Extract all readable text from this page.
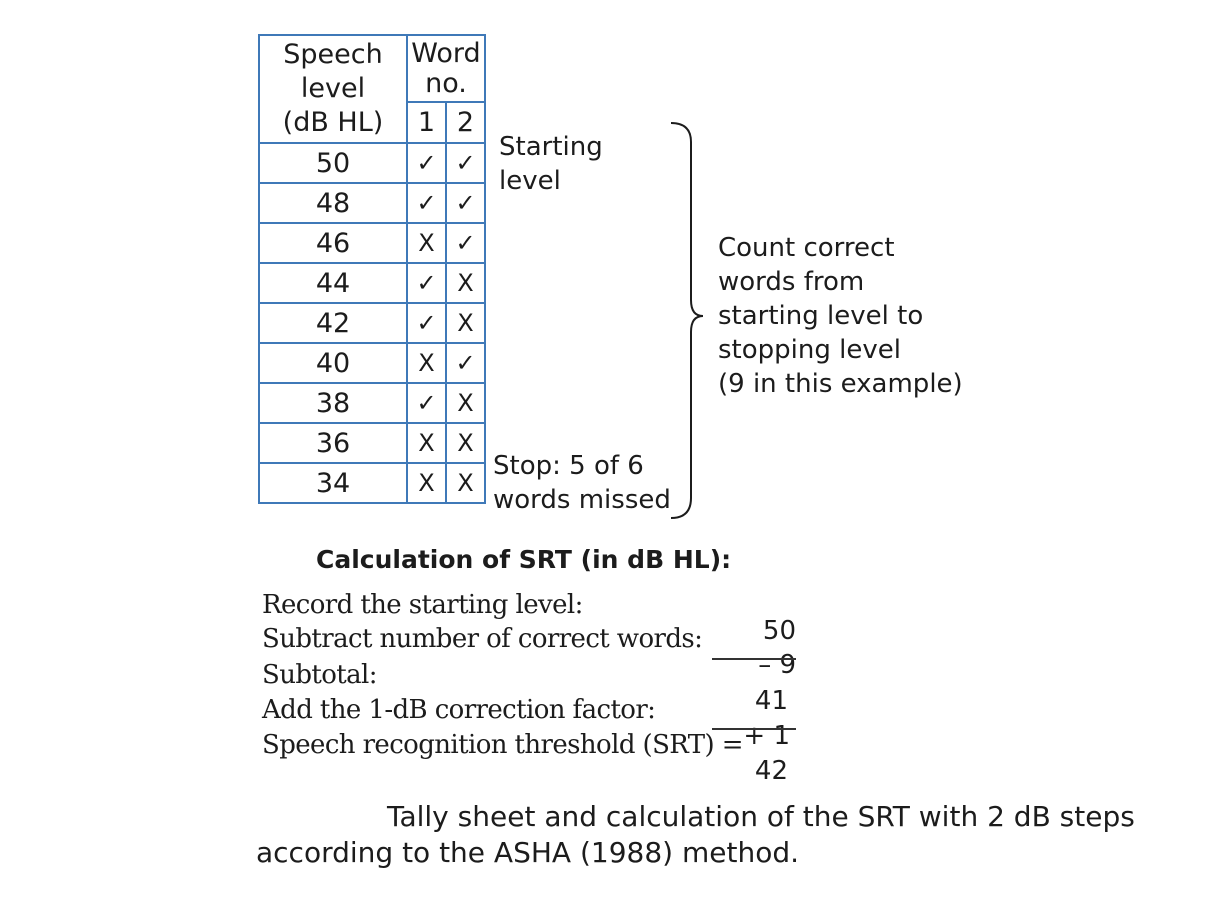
Speech
level
(dB HL)	Word
no.	
	1	2
50	✓	✓
48	✓	✓
46	X	✓
44	✓	X
42	✓	X
40	X	✓
38	✓	X
36	X	X
34	X	X

Starting
level

Stop: 5 of 6
words missed

Count correct
words from
starting level to
stopping level
(9 in this example)

Calculation of SRT (in dB HL):

Record the starting level:

50

Subtract number of correct words:

– 9

Subtotal:

41

Add the 1-dB correction factor:

+ 1

Speech recognition threshold (SRT) =

42

Tally sheet and calculation of the SRT with 2 dB steps

according to the ASHA (1988) method.
